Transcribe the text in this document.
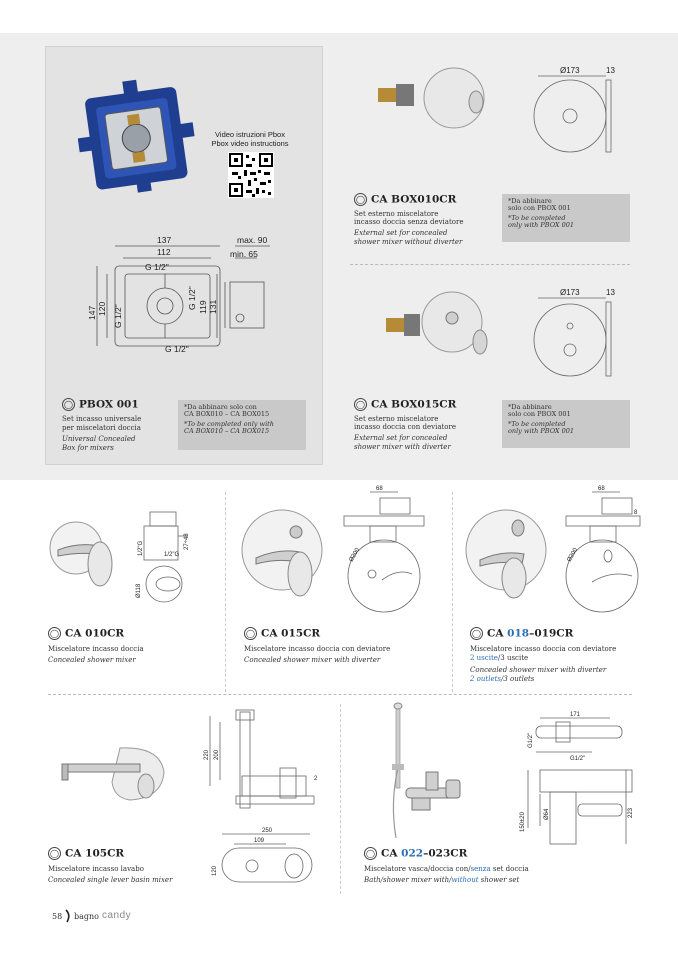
Video istruzioni Pbox
Pbox video instructions
137
112
G 1/2"
max. 90
min. 65
G 1/2"
147 120 G 1/2"
G 1/2" 119 131
◯ PBOX 001
Set incasso universale
per miscelatori doccia
Universal Concealed
Box for mixers
*Da abbinare solo con
CA BOX010 – CA BOX015
*To be completed only with
CA BOX010 – CA BOX015
Ø173	13
◯ CA BOX010CR
Set esterno miscelatore
incasso doccia senza deviatore
External set for concealed
shower mixer without diverter
*Da abbinare
solo con PBOX 001
*To be completed
only with PBOX 001
Ø173	13
◯ CA BOX015CR
Set esterno miscelatore
incasso doccia con deviatore
External set for concealed
shower mixer with diverter
*Da abbinare
solo con PBOX 001
*To be completed
only with PBOX 001
1/2"G	27÷48
1/2"G
Ø118
◯ CA 010CR
Miscelatore incasso doccia
Concealed shower mixer
68
Ø200
◯ CA 015CR
Miscelatore incasso doccia con deviatore
Concealed shower mixer with diverter
68
8
Ø200
◯ CA 018–019CR
Miscelatore incasso doccia con deviatore
2 uscite/3 uscite
Concealed shower mixer with diverter
2 outlets/3 outlets
220 200
2
250
109
120
◯ CA 105CR
Miscelatore incasso lavabo
Concealed single lever basin mixer
171
G1/2"
G1/2"
150±20	Ø64	223
◯ CA 022–023CR
Miscelatore vasca/doccia con/senza set doccia
Bath/shower mixer with/without shower set
58 bagno candy
